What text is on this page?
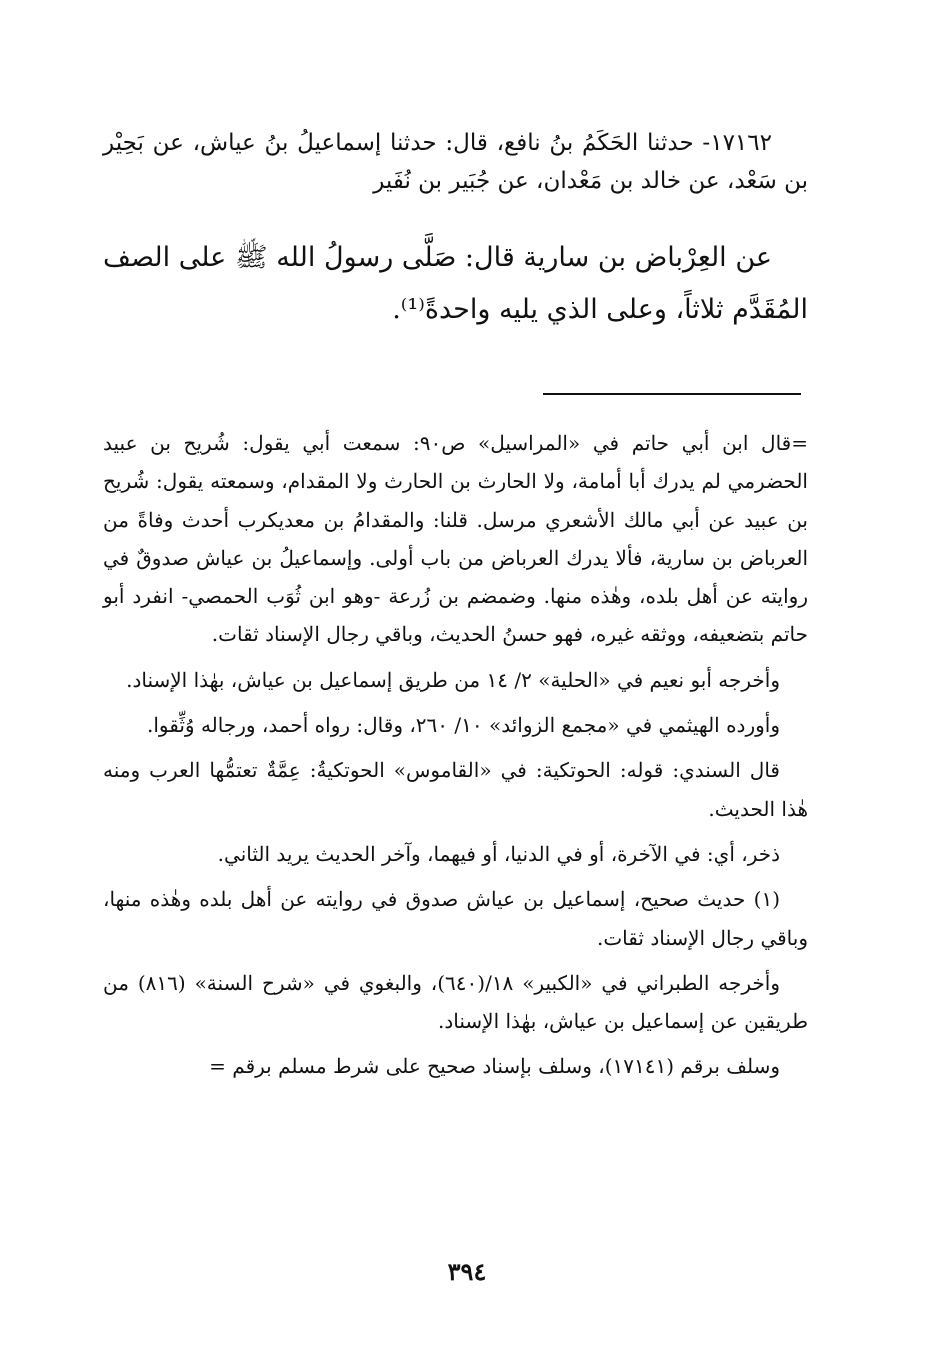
١٧١٦٢- حدثنا الحَكَمُ بنُ نافع، قال: حدثنا إسماعيلُ بنُ عياش، عن بَحِيْر بن سَعْد، عن خالد بن مَعْدان، عن جُبَير بن نُفَير

عن العِرْباض بن سارية قال: صَلَّى رسولُ الله ﷺ على الصف المُقَدَّم ثلاثاً، وعلى الذي يليه واحدةً⁽¹⁾.

=قال ابن أبي حاتم في «المراسيل» ص٩٠: سمعت أبي يقول: شُريح بن عبيد الحضرمي لم يدرك أبا أمامة، ولا الحارث بن الحارث ولا المقدام، وسمعته يقول: شُريح بن عبيد عن أبي مالك الأشعري مرسل. قلنا: والمقدامُ بن معديكرب أحدث وفاةً من العرباض بن سارية، فألا يدرك العرباض من باب أولى. وإسماعيلُ بن عياش صدوقٌ في روايته عن أهل بلده، وهٰذه منها. وضمضم بن زُرعة -وهو ابن ثُوَب الحمصي- انفرد أبو حاتم بتضعيفه، ووثقه غيره، فهو حسنُ الحديث، وباقي رجال الإسناد ثقات.

وأخرجه أبو نعيم في «الحلية» ٢/ ١٤ من طريق إسماعيل بن عياش، بهٰذا الإسناد.

وأورده الهيثمي في «مجمع الزوائد» ١٠/ ٢٦٠، وقال: رواه أحمد، ورجاله وُثِّقوا.

قال السندي: قوله: الحوتكية: في «القاموس» الحوتكيةُ: عِمَّةٌ تعتمُّها العرب ومنه هٰذا الحديث.

ذخر، أي: في الآخرة، أو في الدنيا، أو فيهما، وآخر الحديث يريد الثاني.

(١) حديث صحيح، إسماعيل بن عياش صدوق في روايته عن أهل بلده وهٰذه منها، وباقي رجال الإسناد ثقات.

وأخرجه الطبراني في «الكبير» ١٨/(٦٤٠)، والبغوي في «شرح السنة» (٨١٦) من طريقين عن إسماعيل بن عياش، بهٰذا الإسناد.

وسلف برقم (١٧١٤١)، وسلف بإسناد صحيح على شرط مسلم برقم =

٣٩٤
